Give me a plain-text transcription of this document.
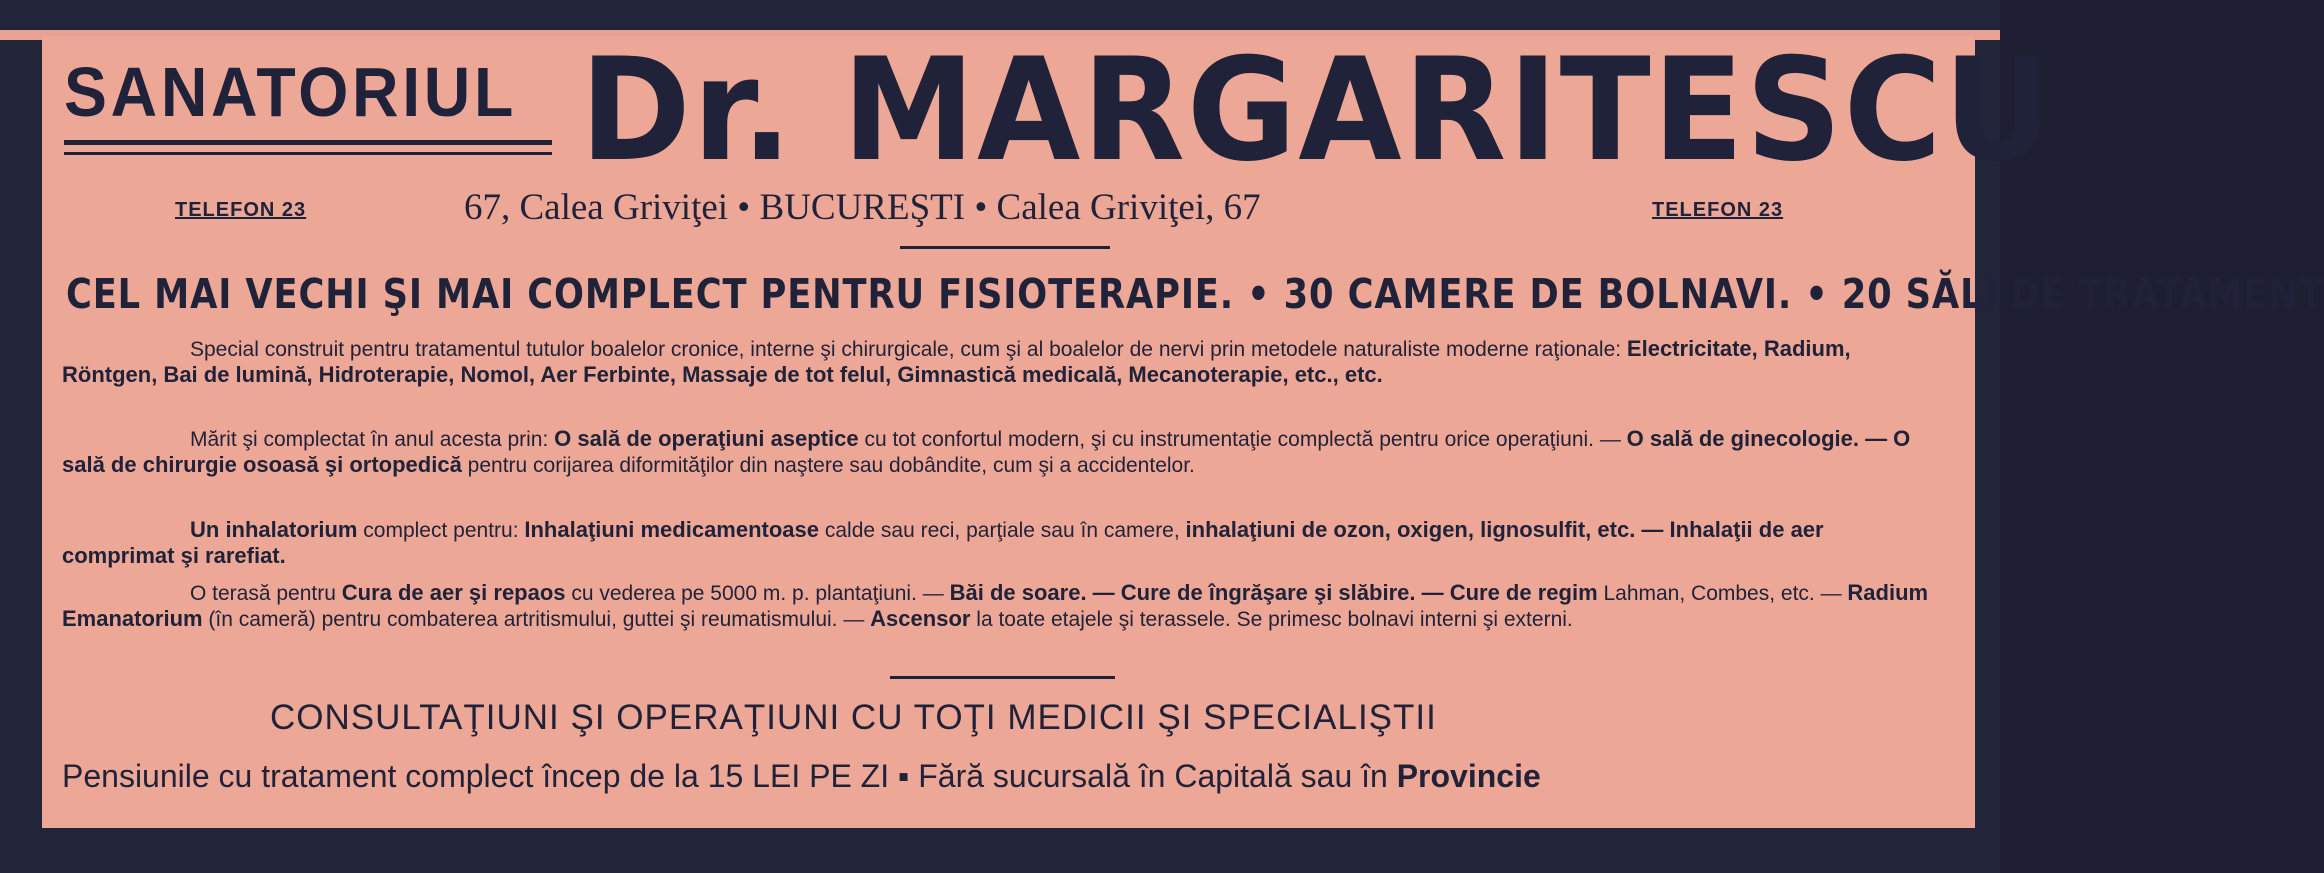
SANATORIUL Dr. MARGARITESCU
TELEFON 23	67, Calea Griviţei • BUCUREŞTI • Calea Griviţei, 67	TELEFON 23
CEL MAI VECHI ŞI MAI COMPLECT PENTRU FISIOTERAPIE. • 30 CAMERE DE BOLNAVI. • 20 SĂLI DE TRATAMENT
Special construit pentru tratamentul tutulor boalelor cronice, interne şi chirurgicale, cum şi al boalelor de nervi prin metodele naturaliste moderne raţionale: Electricitate, Radium, Röntgen, Bai de lumină, Hidroterapie, Nomol, Aer Ferbinte, Massaje de tot felul, Gimnastică medicală, Mecanoterapie, etc., etc.
Mărit şi complectat în anul acesta prin: O sală de operaţiuni aseptice cu tot confortul modern, şi cu instrumentaţie complectă pentru orice operaţiuni. — O sală de ginecologie. — O sală de chirurgie osoasă şi ortopedică pentru corijarea diformităţilor din naştere sau dobândite, cum şi a accidentelor.
Un inhalatorium complect pentru: Inhalaţiuni medicamentoase calde sau reci, parţiale sau în camere, inhalaţiuni de ozon, oxigen, lignosulfit, etc. — Inhalaţii de aer comprimat şi rarefiat.
O terasă pentru Cura de aer şi repaos cu vederea pe 5000 m. p. plantaţiuni. — Băi de soare. — Cure de îngrăşare şi slăbire. — Cure de regim Lahman, Combes, etc. — Radium Emanatorium (în cameră) pentru combaterea artritismului, guttei şi reumatismului. — Ascensor la toate etajele şi terassele. Se primesc bolnavi interni şi externi.
CONSULTAŢIUNI ŞI OPERAŢIUNI CU TOŢI MEDICII ŞI SPECIALIŞTII
Pensiunile cu tratament complect încep de la 15 LEI PE ZI ▪ Fără sucursală în Capitală sau în Provincie
